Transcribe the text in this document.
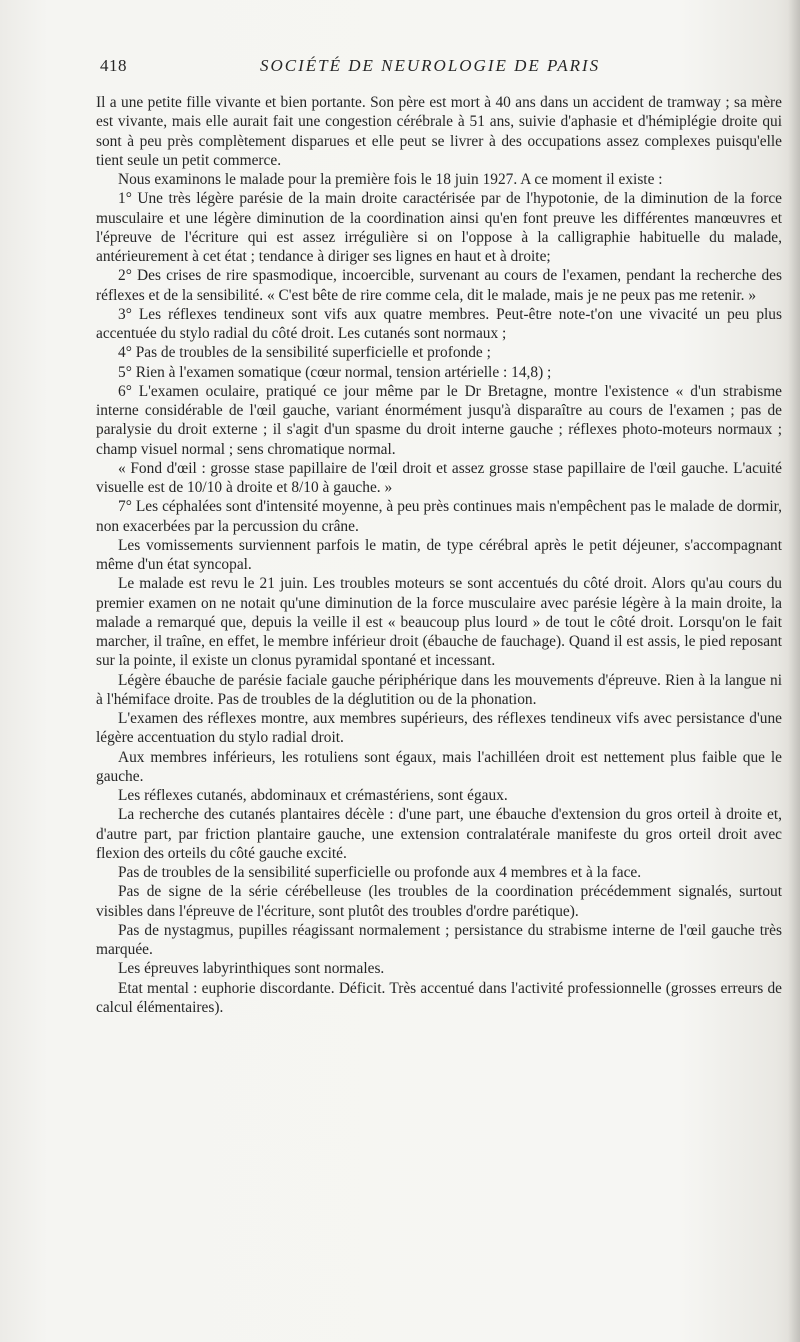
418	SOCIÉTÉ DE NEUROLOGIE DE PARIS

Il a une petite fille vivante et bien portante. Son père est mort à 40 ans dans un accident de tramway ; sa mère est vivante, mais elle aurait fait une congestion cérébrale à 51 ans, suivie d'aphasie et d'hémiplégie droite qui sont à peu près complètement disparues et elle peut se livrer à des occupations assez complexes puisqu'elle tient seule un petit commerce.

Nous examinons le malade pour la première fois le 18 juin 1927. A ce moment il existe :

1° Une très légère parésie de la main droite caractérisée par de l'hypotonie, de la diminution de la force musculaire et une légère diminution de la coordination ainsi qu'en font preuve les différentes manœuvres et l'épreuve de l'écriture qui est assez irrégulière si on l'oppose à la calligraphie habituelle du malade, antérieurement à cet état ; tendance à diriger ses lignes en haut et à droite;

2° Des crises de rire spasmodique, incoercible, survenant au cours de l'examen, pendant la recherche des réflexes et de la sensibilité. « C'est bête de rire comme cela, dit le malade, mais je ne peux pas me retenir. »

3° Les réflexes tendineux sont vifs aux quatre membres. Peut-être note-t'on une vivacité un peu plus accentuée du stylo radial du côté droit. Les cutanés sont normaux ;

4° Pas de troubles de la sensibilité superficielle et profonde ;

5° Rien à l'examen somatique (cœur normal, tension artérielle : 14,8) ;

6° L'examen oculaire, pratiqué ce jour même par le Dr Bretagne, montre l'existence « d'un strabisme interne considérable de l'œil gauche, variant énormément jusqu'à disparaître au cours de l'examen ; pas de paralysie du droit externe ; il s'agit d'un spasme du droit interne gauche ; réflexes photo-moteurs normaux ; champ visuel normal ; sens chromatique normal.

« Fond d'œil : grosse stase papillaire de l'œil droit et assez grosse stase papillaire de l'œil gauche. L'acuité visuelle est de 10/10 à droite et 8/10 à gauche. »

7° Les céphalées sont d'intensité moyenne, à peu près continues mais n'empêchent pas le malade de dormir, non exacerbées par la percussion du crâne.

Les vomissements surviennent parfois le matin, de type cérébral après le petit déjeuner, s'accompagnant même d'un état syncopal.

Le malade est revu le 21 juin. Les troubles moteurs se sont accentués du côté droit. Alors qu'au cours du premier examen on ne notait qu'une diminution de la force musculaire avec parésie légère à la main droite, la malade a remarqué que, depuis la veille il est « beaucoup plus lourd » de tout le côté droit. Lorsqu'on le fait marcher, il traîne, en effet, le membre inférieur droit (ébauche de fauchage). Quand il est assis, le pied reposant sur la pointe, il existe un clonus pyramidal spontané et incessant.

Légère ébauche de parésie faciale gauche périphérique dans les mouvements d'épreuve. Rien à la langue ni à l'hémiface droite. Pas de troubles de la déglutition ou de la phonation.

L'examen des réflexes montre, aux membres supérieurs, des réflexes tendineux vifs avec persistance d'une légère accentuation du stylo radial droit.

Aux membres inférieurs, les rotuliens sont égaux, mais l'achilléen droit est nettement plus faible que le gauche.

Les réflexes cutanés, abdominaux et crémastériens, sont égaux.

La recherche des cutanés plantaires décèle : d'une part, une ébauche d'extension du gros orteil à droite et, d'autre part, par friction plantaire gauche, une extension contralatérale manifeste du gros orteil droit avec flexion des orteils du côté gauche excité.

Pas de troubles de la sensibilité superficielle ou profonde aux 4 membres et à la face.

Pas de signe de la série cérébelleuse (les troubles de la coordination précédemment signalés, surtout visibles dans l'épreuve de l'écriture, sont plutôt des troubles d'ordre parétique).

Pas de nystagmus, pupilles réagissant normalement ; persistance du strabisme interne de l'œil gauche très marquée.

Les épreuves labyrinthiques sont normales.

Etat mental : euphorie discordante. Déficit. Très accentué dans l'activité professionnelle (grosses erreurs de calcul élémentaires).
